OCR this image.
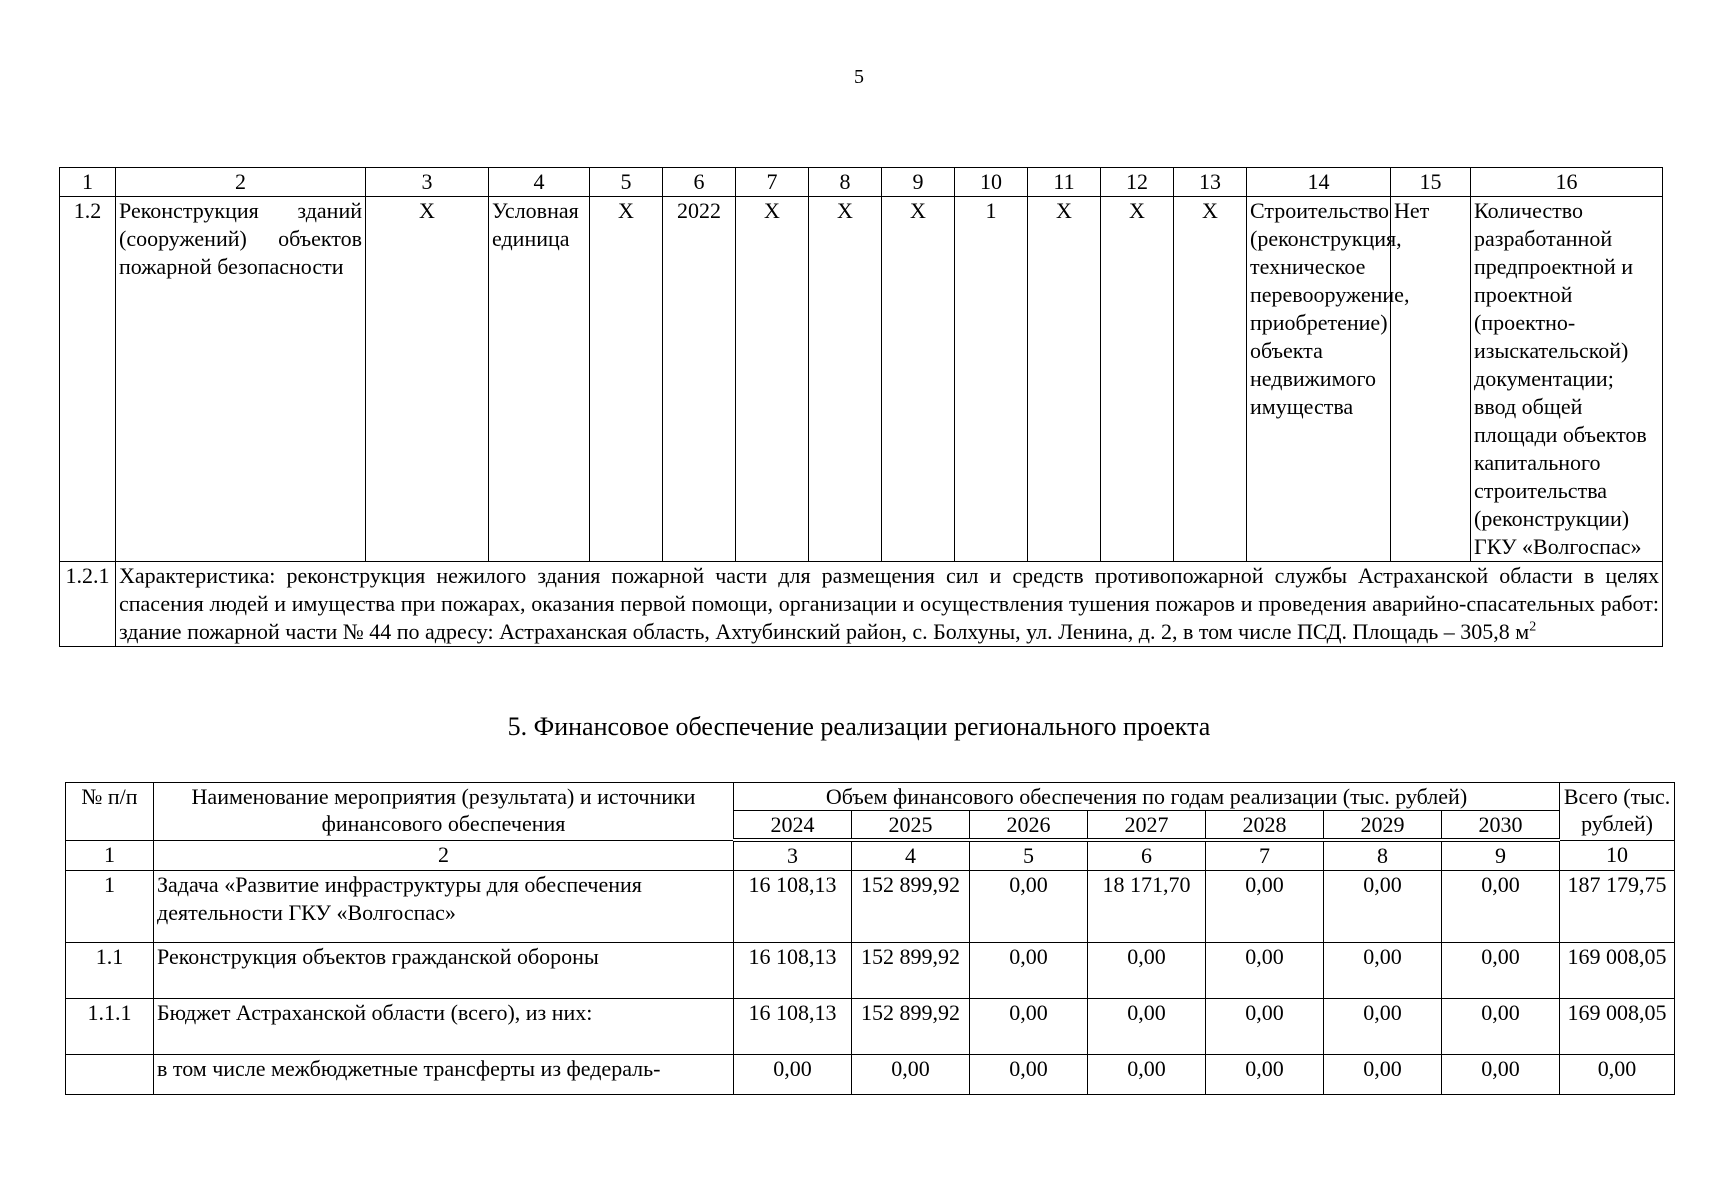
5
1	2	3	4	5	6	7	8	9	10	11	12	13	14	15	16
1.2	Реконструкция зданий (сооружений) объектов пожарной безопасности	X	Условная единица	X	2022	X	X	X	1	X	X	X	Строительство (реконструкция, техническое перевооружение, приобретение) объекта недвижимого имущества	Нет	Количество разработанной предпроектной и проектной (проектно-изыскательской) документации; ввод общей площади объектов капитального строительства (реконструкции) ГКУ «Волгоспас»
1.2.1	Характеристика: реконструкция нежилого здания пожарной части для размещения сил и средств противопожарной службы Астраханской области в целях спасения людей и имущества при пожарах, оказания первой помощи, организации и осуществления тушения пожаров и проведения аварийно-спасательных работ: здание пожарной части № 44 по адресу: Астраханская область, Ахтубинский район, с. Болхуны, ул. Ленина, д. 2, в том числе ПСД. Площадь – 305,8 $м^2$
5. Финансовое обеспечение реализации регионального проекта
№ п/п	Наименование мероприятия (результата) и источники финансового обеспечения	Объем финансового обеспечения по годам реализации (тыс. рублей)							Всего (тыс. рублей)
		2024	2025	2026	2027	2028	2029	2030	
1	2	3	4	5	6	7	8	9	10
1	Задача «Развитие инфраструктуры для обеспечения деятельности ГКУ «Волгоспас»	16 108,13	152 899,92	0,00	18 171,70	0,00	0,00	0,00	187 179,75
1.1	Реконструкция объектов гражданской обороны	16 108,13	152 899,92	0,00	0,00	0,00	0,00	0,00	169 008,05
1.1.1	Бюджет Астраханской области (всего), из них:	16 108,13	152 899,92	0,00	0,00	0,00	0,00	0,00	169 008,05
	в том числе межбюджетные трансферты из федераль-	0,00	0,00	0,00	0,00	0,00	0,00	0,00	0,00
